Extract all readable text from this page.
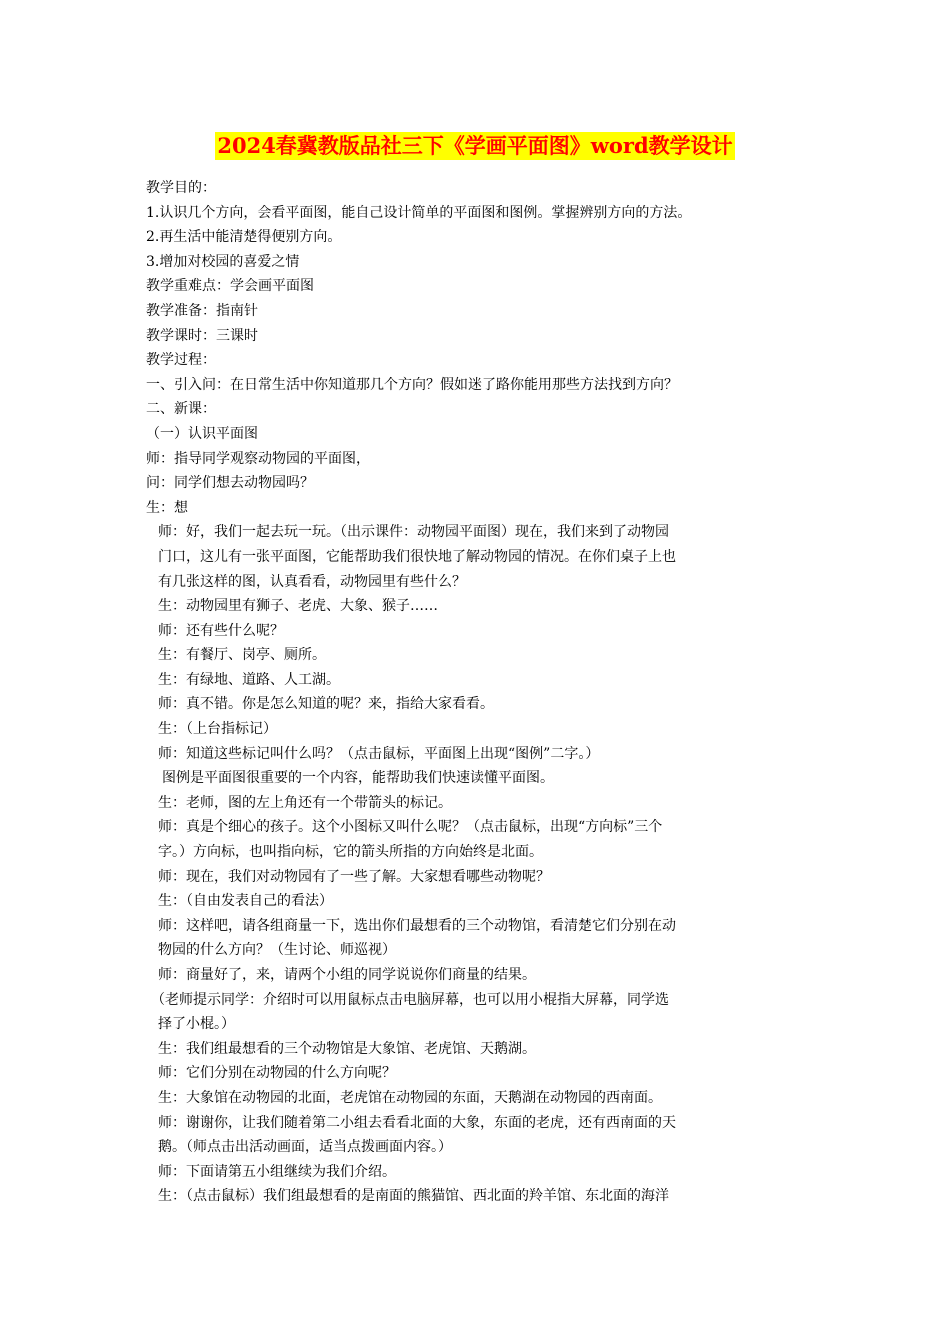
2024春冀教版品社三下《学画平面图》word教学设计

教学目的：

1.认识几个方向，会看平面图，能自己设计简单的平面图和图例。掌握辨别方向的方法。

2.再生活中能清楚得便别方向。

3.增加对校园的喜爱之情

教学重难点：学会画平面图

教学准备：指南针

教学课时：三课时

教学过程：

一、引入问：在日常生活中你知道那几个方向？假如迷了路你能用那些方法找到方向？

二、新课：

（一）认识平面图

师：指导同学观察动物园的平面图，

问：同学们想去动物园吗？

生：想

师：好，我们一起去玩一玩。（出示课件：动物园平面图）现在，我们来到了动物园

门口，这儿有一张平面图，它能帮助我们很快地了解动物园的情况。在你们桌子上也

有几张这样的图，认真看看，动物园里有些什么？

生：动物园里有狮子、老虎、大象、猴子……

师：还有些什么呢？

生：有餐厅、岗亭、厕所。

生：有绿地、道路、人工湖。

师：真不错。你是怎么知道的呢？来，指给大家看看。

生：（上台指标记）

师：知道这些标记叫什么吗？（点击鼠标，平面图上出现“图例”二字。）

图例是平面图很重要的一个内容，能帮助我们快速读懂平面图。

生：老师，图的左上角还有一个带箭头的标记。

师：真是个细心的孩子。这个小图标又叫什么呢？（点击鼠标，出现“方向标”三个

字。）方向标，也叫指向标，它的箭头所指的方向始终是北面。

师：现在，我们对动物园有了一些了解。大家想看哪些动物呢？

生：（自由发表自己的看法）

师：这样吧，请各组商量一下，选出你们最想看的三个动物馆，看清楚它们分别在动

物园的什么方向？（生讨论、师巡视）

师：商量好了，来，请两个小组的同学说说你们商量的结果。

（老师提示同学：介绍时可以用鼠标点击电脑屏幕，也可以用小棍指大屏幕，同学选

择了小棍。）

生：我们组最想看的三个动物馆是大象馆、老虎馆、天鹅湖。

师：它们分别在动物园的什么方向呢？

生：大象馆在动物园的北面，老虎馆在动物园的东面，天鹅湖在动物园的西南面。

师：谢谢你，让我们随着第二小组去看看北面的大象，东面的老虎，还有西南面的天

鹅。（师点击出活动画面，适当点拨画面内容。）

师：下面请第五小组继续为我们介绍。

生：（点击鼠标）我们组最想看的是南面的熊猫馆、西北面的羚羊馆、东北面的海洋
